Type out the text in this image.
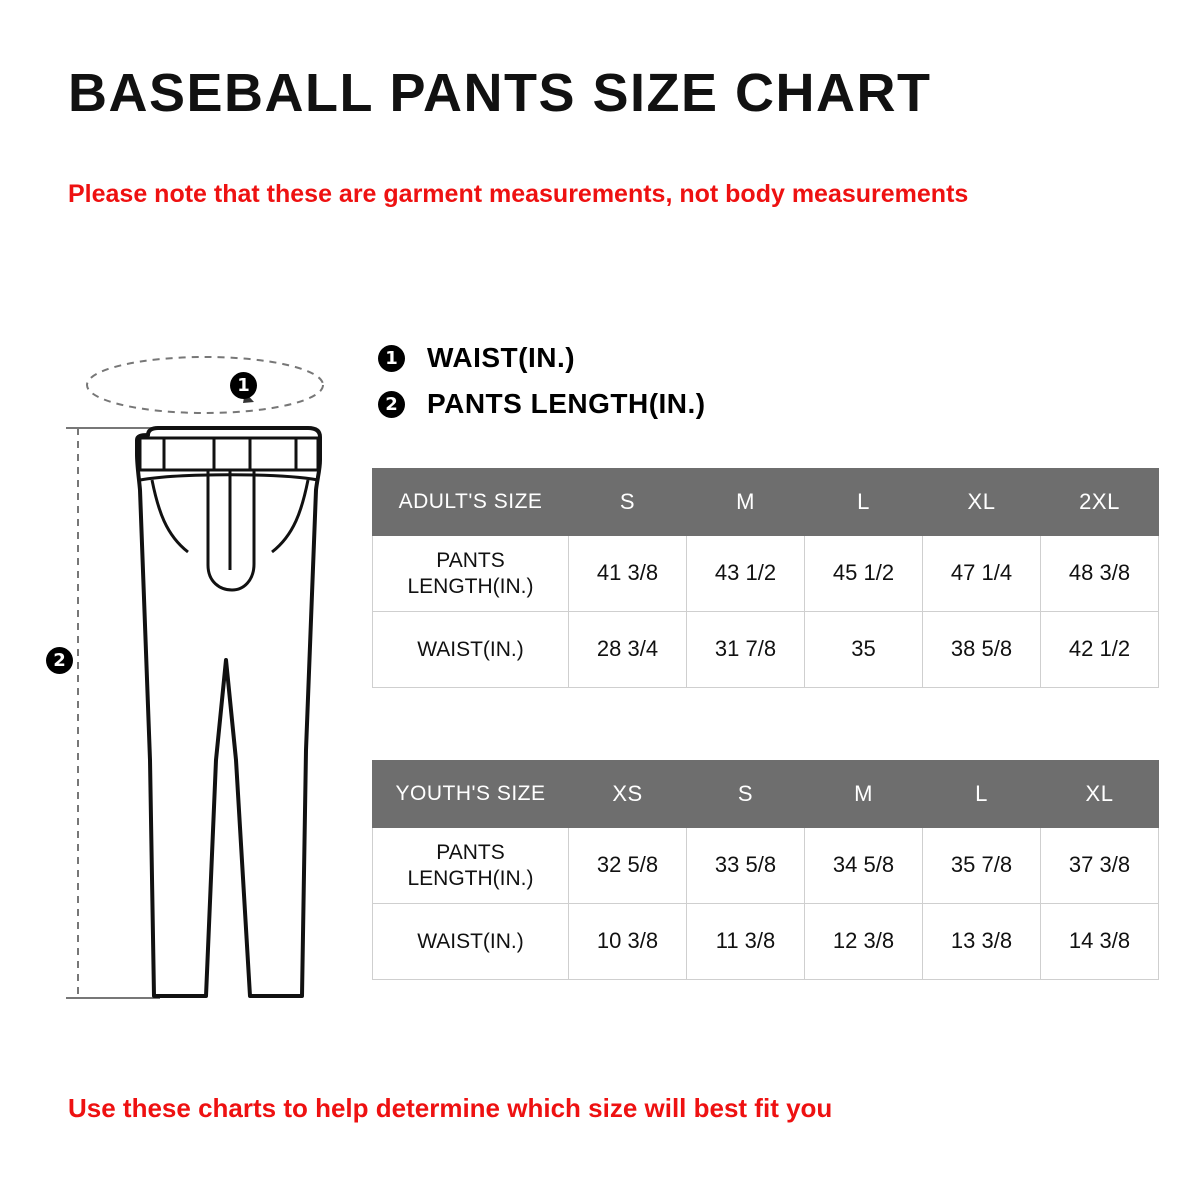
BASEBALL PANTS SIZE CHART
Please note that these are garment measurements, not body measurements
Use these charts to help determine which size will best fit you
1 WAIST(IN.)
2 PANTS LENGTH(IN.)
1
2
ADULT'S SIZE	S	M	L	XL	2XL
PANTS LENGTH(IN.)	41 3/8	43 1/2	45 1/2	47 1/4	48 3/8
WAIST(IN.)	28 3/4	31 7/8	35	38 5/8	42 1/2
YOUTH'S SIZE	XS	S	M	L	XL
PANTS LENGTH(IN.)	32 5/8	33 5/8	34 5/8	35 7/8	37 3/8
WAIST(IN.)	10 3/8	11 3/8	12 3/8	13 3/8	14 3/8
